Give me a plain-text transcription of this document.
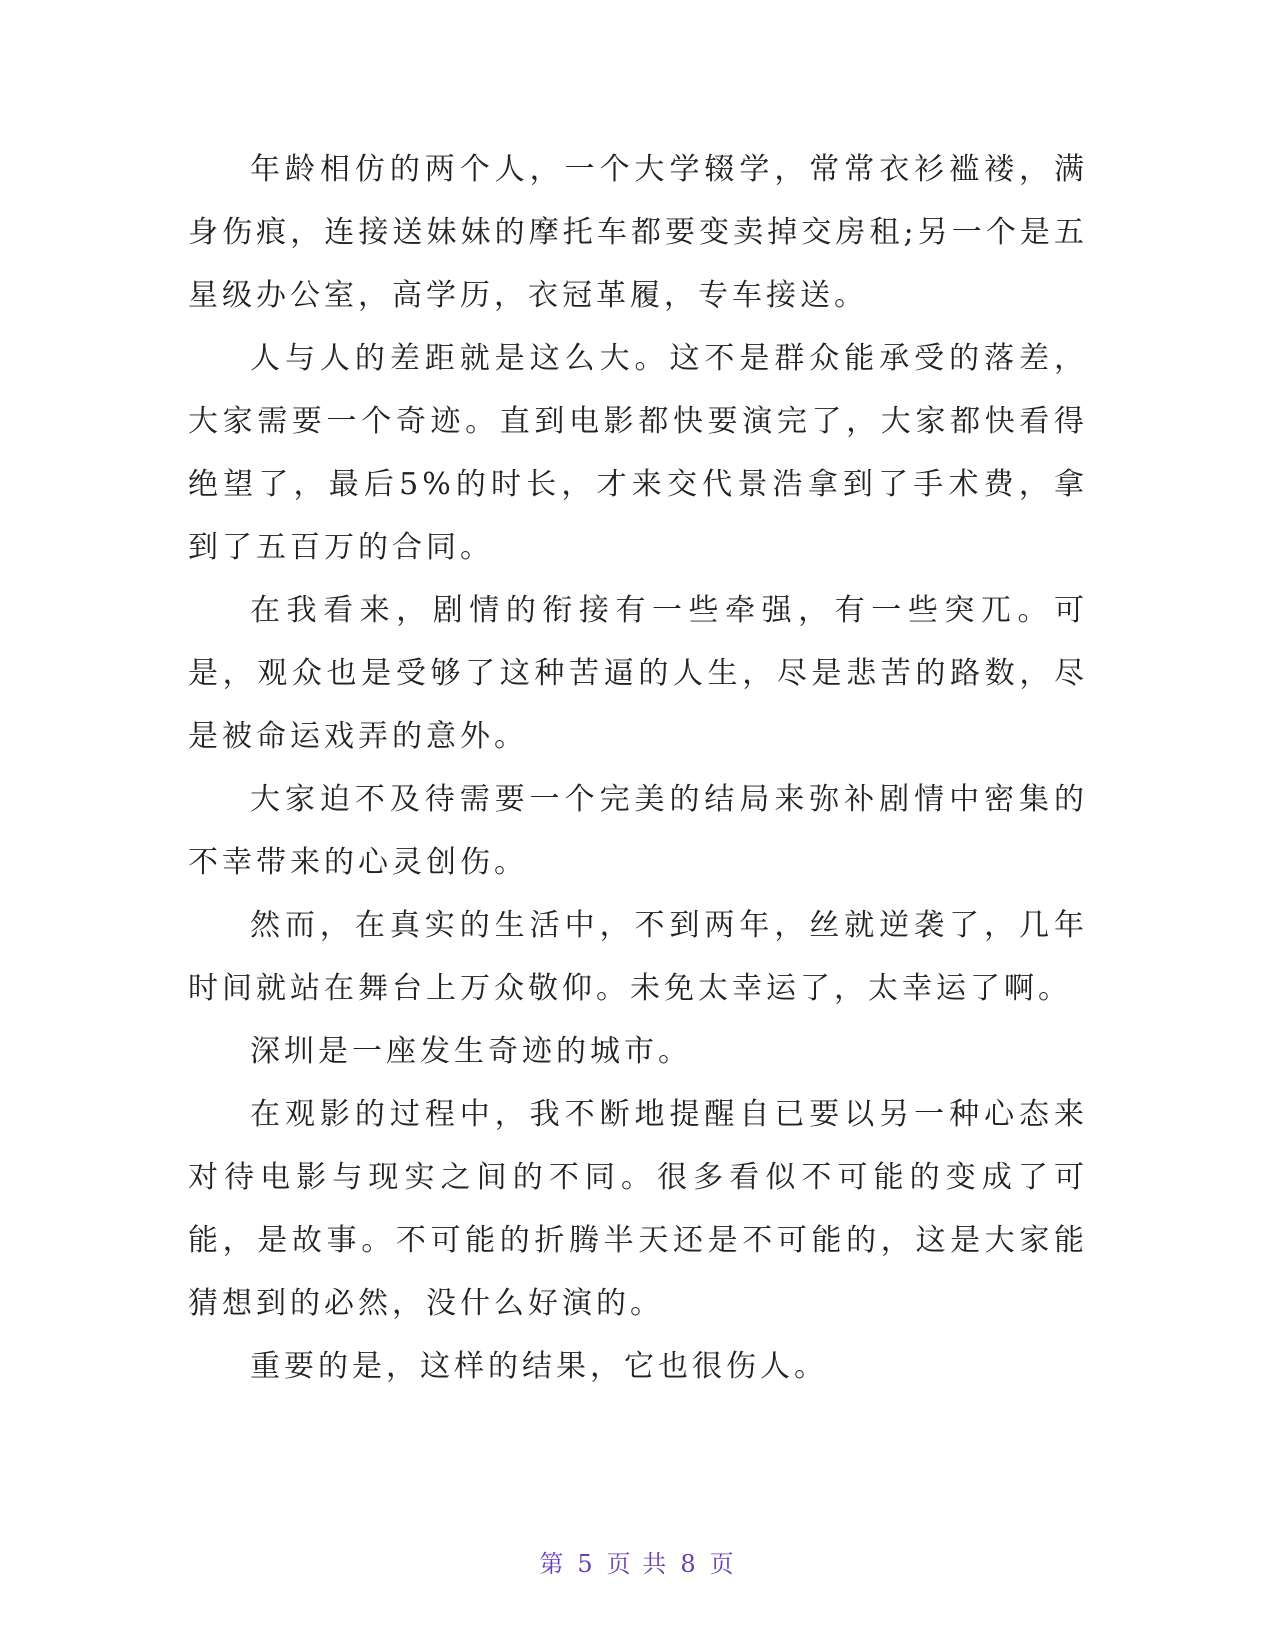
年龄相仿的两个人，一个大学辍学，常常衣衫褴褛，满身伤痕，连接送妹妹的摩托车都要变卖掉交房租;另一个是五星级办公室，高学历，衣冠革履，专车接送。

人与人的差距就是这么大。这不是群众能承受的落差，大家需要一个奇迹。直到电影都快要演完了，大家都快看得绝望了，最后5%的时长，才来交代景浩拿到了手术费，拿到了五百万的合同。

在我看来，剧情的衔接有一些牵强，有一些突兀。可是，观众也是受够了这种苦逼的人生，尽是悲苦的路数，尽是被命运戏弄的意外。

大家迫不及待需要一个完美的结局来弥补剧情中密集的不幸带来的心灵创伤。

然而，在真实的生活中，不到两年，丝就逆袭了，几年时间就站在舞台上万众敬仰。未免太幸运了，太幸运了啊。

深圳是一座发生奇迹的城市。

在观影的过程中，我不断地提醒自已要以另一种心态来对待电影与现实之间的不同。很多看似不可能的变成了可能，是故事。不可能的折腾半天还是不可能的，这是大家能猜想到的必然，没什么好演的。

重要的是，这样的结果，它也很伤人。

第 5 页 共 8 页
